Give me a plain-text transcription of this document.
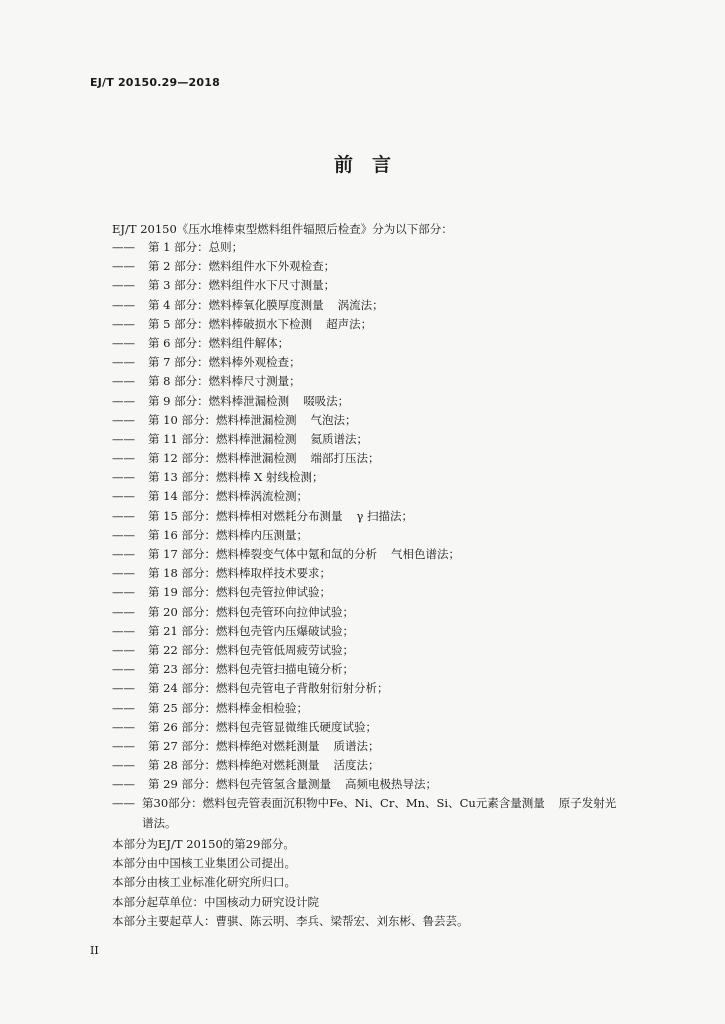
EJ/T 20150.29—2018
前　言
EJ/T 20150《压水堆棒束型燃料组件辐照后检查》分为以下部分：
—— 第 1 部分：总则；
—— 第 2 部分：燃料组件水下外观检查；
—— 第 3 部分：燃料组件水下尺寸测量；
—— 第 4 部分：燃料棒氧化膜厚度测量 涡流法；
—— 第 5 部分：燃料棒破损水下检测 超声法；
—— 第 6 部分：燃料组件解体；
—— 第 7 部分：燃料棒外观检查；
—— 第 8 部分：燃料棒尺寸测量；
—— 第 9 部分：燃料棒泄漏检测 啜吸法；
—— 第 10 部分：燃料棒泄漏检测 气泡法；
—— 第 11 部分：燃料棒泄漏检测 氦质谱法；
—— 第 12 部分：燃料棒泄漏检测 端部打压法；
—— 第 13 部分：燃料棒 X 射线检测；
—— 第 14 部分：燃料棒涡流检测；
—— 第 15 部分：燃料棒相对燃耗分布测量 γ 扫描法；
—— 第 16 部分：燃料棒内压测量；
—— 第 17 部分：燃料棒裂变气体中氪和氙的分析 气相色谱法；
—— 第 18 部分：燃料棒取样技术要求；
—— 第 19 部分：燃料包壳管拉伸试验；
—— 第 20 部分：燃料包壳管环向拉伸试验；
—— 第 21 部分：燃料包壳管内压爆破试验；
—— 第 22 部分：燃料包壳管低周疲劳试验；
—— 第 23 部分：燃料包壳管扫描电镜分析；
—— 第 24 部分：燃料包壳管电子背散射衍射分析；
—— 第 25 部分：燃料棒金相检验；
—— 第 26 部分：燃料包壳管显微维氏硬度试验；
—— 第 27 部分：燃料棒绝对燃耗测量 质谱法；
—— 第 28 部分：燃料棒绝对燃耗测量 活度法；
—— 第 29 部分：燃料包壳管氢含量测量 高频电极热导法；
—— 第30部分：燃料包壳管表面沉积物中Fe、Ni、Cr、Mn、Si、Cu元素含量测量 原子发射光
谱法。
本部分为EJ/T 20150的第29部分。
本部分由中国核工业集团公司提出。
本部分由核工业标准化研究所归口。
本部分起草单位：中国核动力研究设计院
本部分主要起草人：曹骐、陈云明、李兵、梁帮宏、刘东彬、鲁芸芸。
II
